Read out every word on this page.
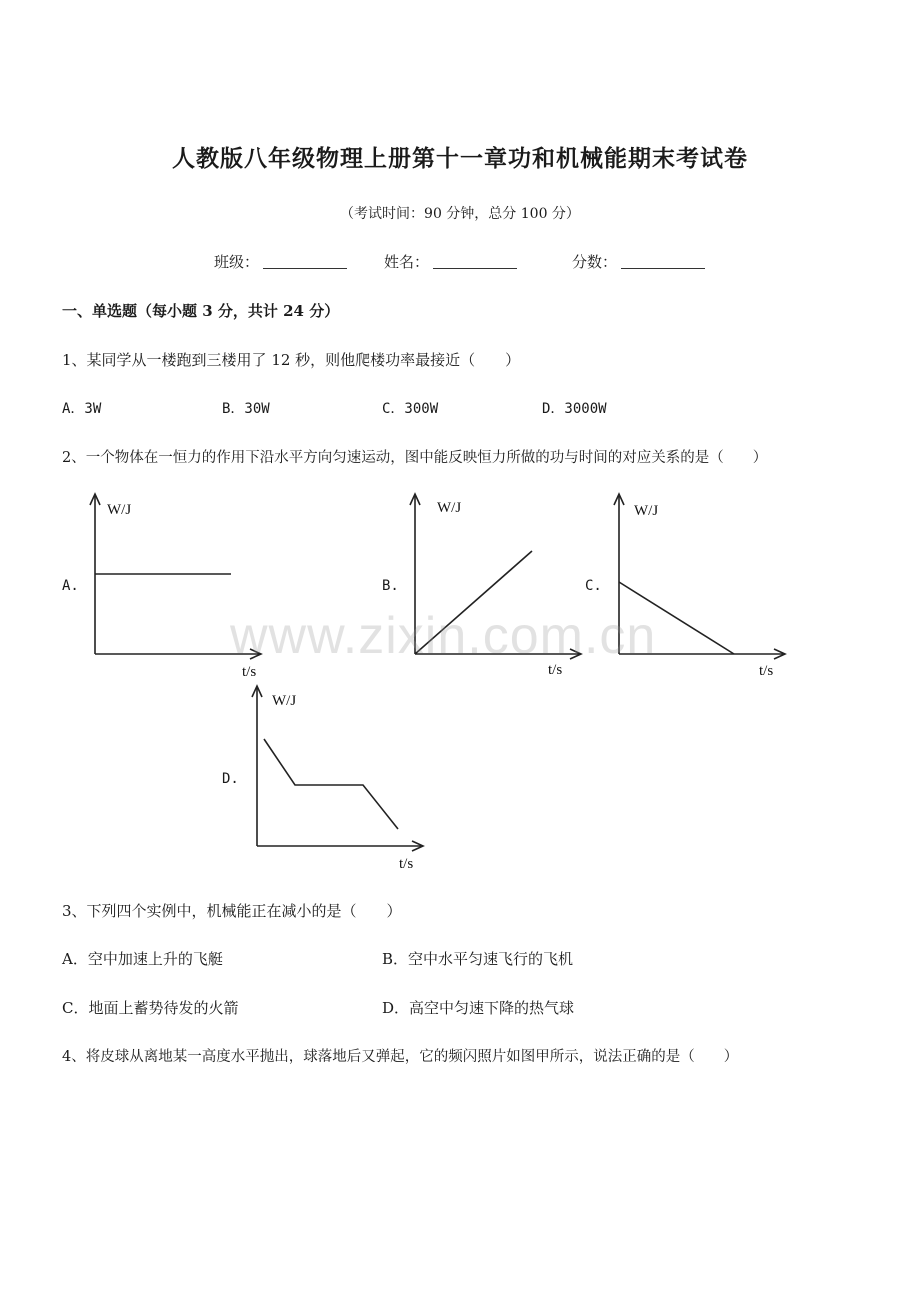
人教版八年级物理上册第十一章功和机械能期末考试卷
（考试时间：90 分钟，总分 100 分）
班级：	姓名：	分数：
一、单选题（每小题 3 分，共计 24 分）
1、某同学从一楼跑到三楼用了 12 秒，则他爬楼功率最接近（　　）
A．3W	B．30W	C．300W	D．3000W
2、一个物体在一恒力的作用下沿水平方向匀速运动，图中能反映恒力所做的功与时间的对应关系的是（　　）
A.	B.	C.
D.
W/J
t/s
W/J
t/s
W/J
t/s
W/J
t/s
www.zixin.com.cn
3、下列四个实例中，机械能正在减小的是（　　）
A．空中加速上升的飞艇	B．空中水平匀速飞行的飞机
C．地面上蓄势待发的火箭	D．高空中匀速下降的热气球
4、将皮球从离地某一高度水平抛出，球落地后又弹起，它的频闪照片如图甲所示，说法正确的是（　　）
